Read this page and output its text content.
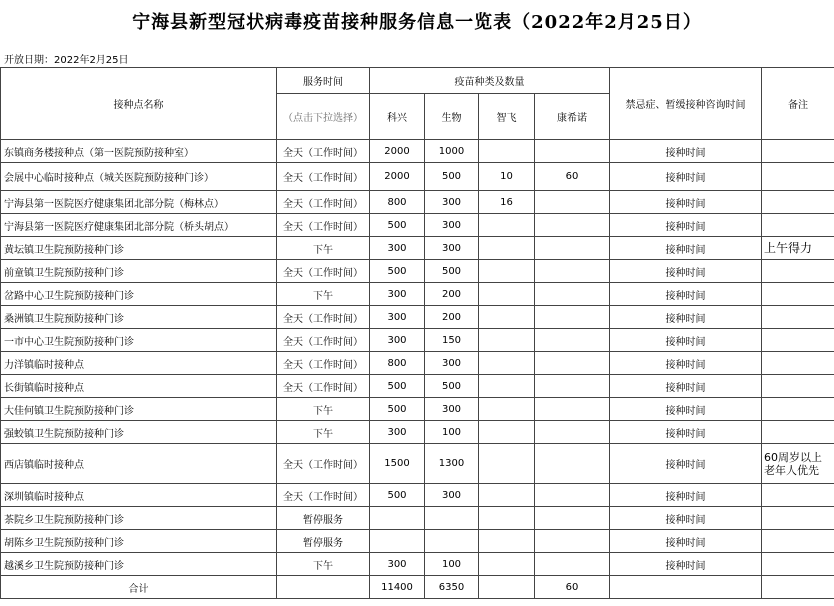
宁海县新型冠状病毒疫苗接种服务信息一览表（2022年2月25日）
开放日期：2022年2月25日
接种点名称	服务时间	疫苗种类及数量				禁忌症、暂缓接种咨询时间	备注
	（点击下拉选择）	科兴	生物	智飞	康希诺		
东镇商务楼接种点（第一医院预防接种室）	全天（工作时间）	2000	1000			接种时间	
会展中心临时接种点（城关医院预防接种门诊）	全天（工作时间）	2000	500	10	60	接种时间	
宁海县第一医院医疗健康集团北部分院（梅林点）	全天（工作时间）	800	300	16		接种时间	
宁海县第一医院医疗健康集团北部分院（桥头胡点）	全天（工作时间）	500	300			接种时间	
黄坛镇卫生院预防接种门诊	下午	300	300			接种时间	上午得力
前童镇卫生院预防接种门诊	全天（工作时间）	500	500			接种时间	
岔路中心卫生院预防接种门诊	下午	300	200			接种时间	
桑洲镇卫生院预防接种门诊	全天（工作时间）	300	200			接种时间	
一市中心卫生院预防接种门诊	全天（工作时间）	300	150			接种时间	
力洋镇临时接种点	全天（工作时间）	800	300			接种时间	
长街镇临时接种点	全天（工作时间）	500	500			接种时间	
大佳何镇卫生院预防接种门诊	下午	500	300			接种时间	
强蛟镇卫生院预防接种门诊	下午	300	100			接种时间	
西店镇临时接种点	全天（工作时间）	1500	1300			接种时间	60周岁以上老年人优先
深圳镇临时接种点	全天（工作时间）	500	300			接种时间	
茶院乡卫生院预防接种门诊	暂停服务					接种时间	
胡陈乡卫生院预防接种门诊	暂停服务					接种时间	
越溪乡卫生院预防接种门诊	下午	300	100			接种时间	
合计		11400	6350		60		
